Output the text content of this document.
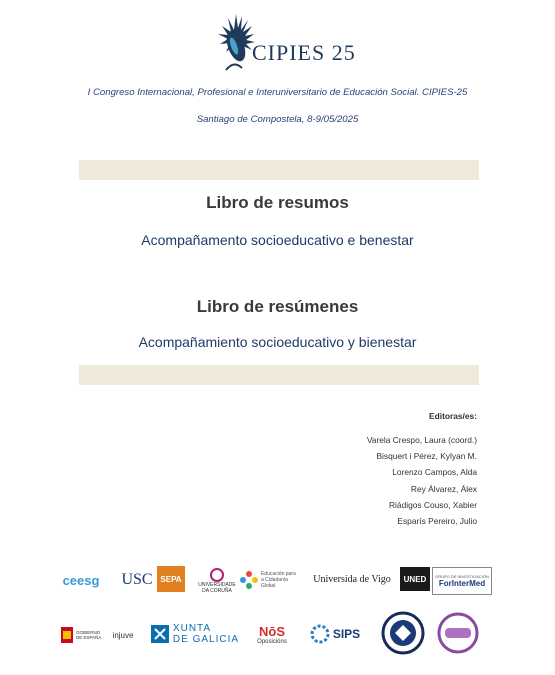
CIPIES 25
I Congreso Internacional, Profesional e Interuniversitario de Educación Social. CIPIES-25
Santiago de Compostela, 8-9/05/2025
Libro de resumos
Acompañamento socioeducativo e benestar
Libro de resúmenes
Acompañamiento socioeducativo y bienestar
Editoras/es:
Varela Crespo, Laura (coord.)
Bisquert i Pérez, Kylyan M.
Lorenzo Campos, Alda
Rey Álvarez, Álex
Riádigos Couso, Xabier
Esparís Pereiro, Julio
ceesg USC SEPA
UNIVERSIDADE
DA CORUÑA
Educación para a Cidadanía Global
Universida de Vigo UNED GRUPO DE INVESTIGACIÓN
ForInterMed
GOBIERNO DE ESPAÑA	injuve
XUNTA
DE GALICIA
NōS
Oposicións
SIPS
